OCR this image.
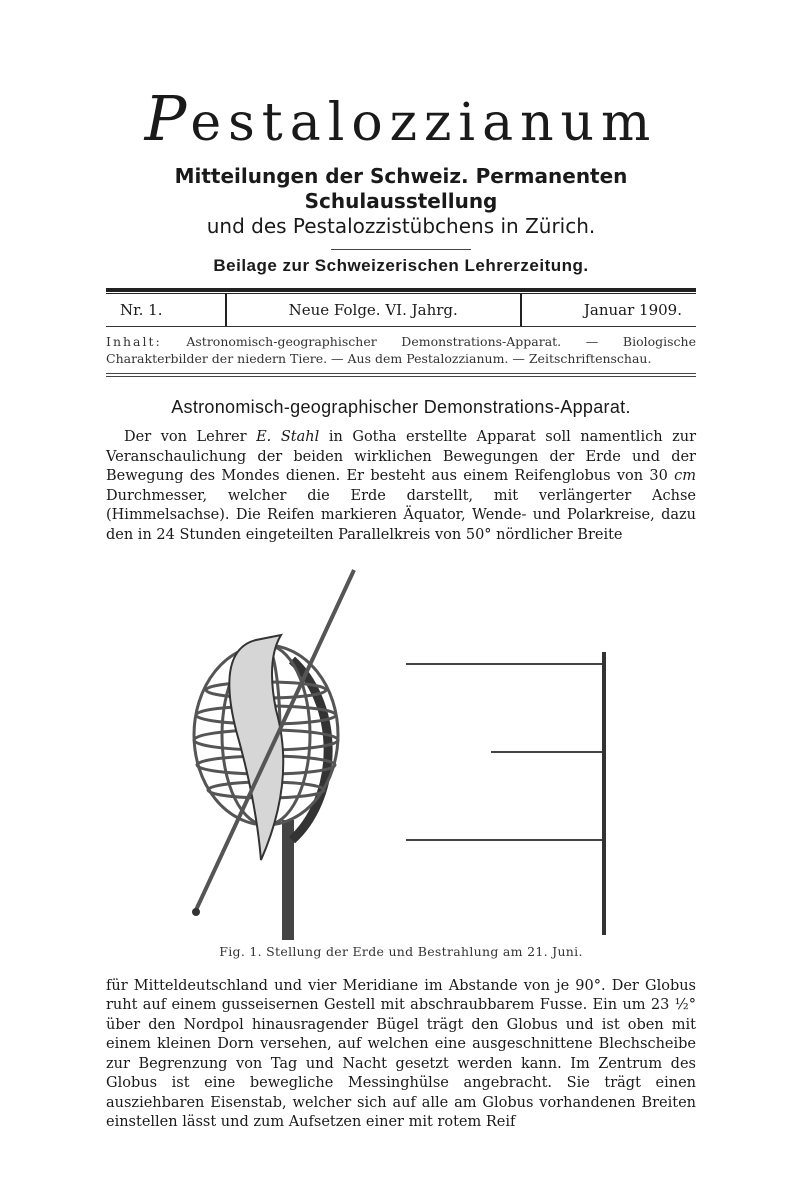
Pestalozzianum
Mitteilungen der Schweiz. Permanenten Schulausstellung
und des Pestalozzistübchens in Zürich.
Beilage zur Schweizerischen Lehrerzeitung.
Nr. 1.	Neue Folge. VI. Jahrg.	Januar 1909.
Inhalt: Astronomisch-geographischer Demonstrations-Apparat. — Biologische Charakterbilder der niedern Tiere. — Aus dem Pestalozzianum. — Zeitschriftenschau.
Astronomisch-geographischer Demonstrations-Apparat.

Der von Lehrer E. Stahl in Gotha erstellte Apparat soll namentlich zur Veranschaulichung der beiden wirklichen Bewegungen der Erde und der Bewegung des Mondes dienen. Er besteht aus einem Reifenglobus von 30 cm Durchmesser, welcher die Erde darstellt, mit verlängerter Achse (Himmelsachse). Die Reifen markieren Äquator, Wende- und Polarkreise, dazu den in 24 Stunden eingeteilten Parallelkreis von 50° nördlicher Breite

Fig. 1. Stellung der Erde und Bestrahlung am 21. Juni.

für Mitteldeutschland und vier Meridiane im Abstande von je 90°. Der Globus ruht auf einem gusseisernen Gestell mit abschraubbarem Fusse. Ein um 23 ½° über den Nordpol hinausragender Bügel trägt den Globus und ist oben mit einem kleinen Dorn versehen, auf welchen eine ausgeschnittene Blechscheibe zur Begrenzung von Tag und Nacht gesetzt werden kann. Im Zentrum des Globus ist eine bewegliche Messinghülse angebracht. Sie trägt einen ausziehbaren Eisenstab, welcher sich auf alle am Globus vorhandenen Breiten einstellen lässt und zum Aufsetzen einer mit rotem Reif
